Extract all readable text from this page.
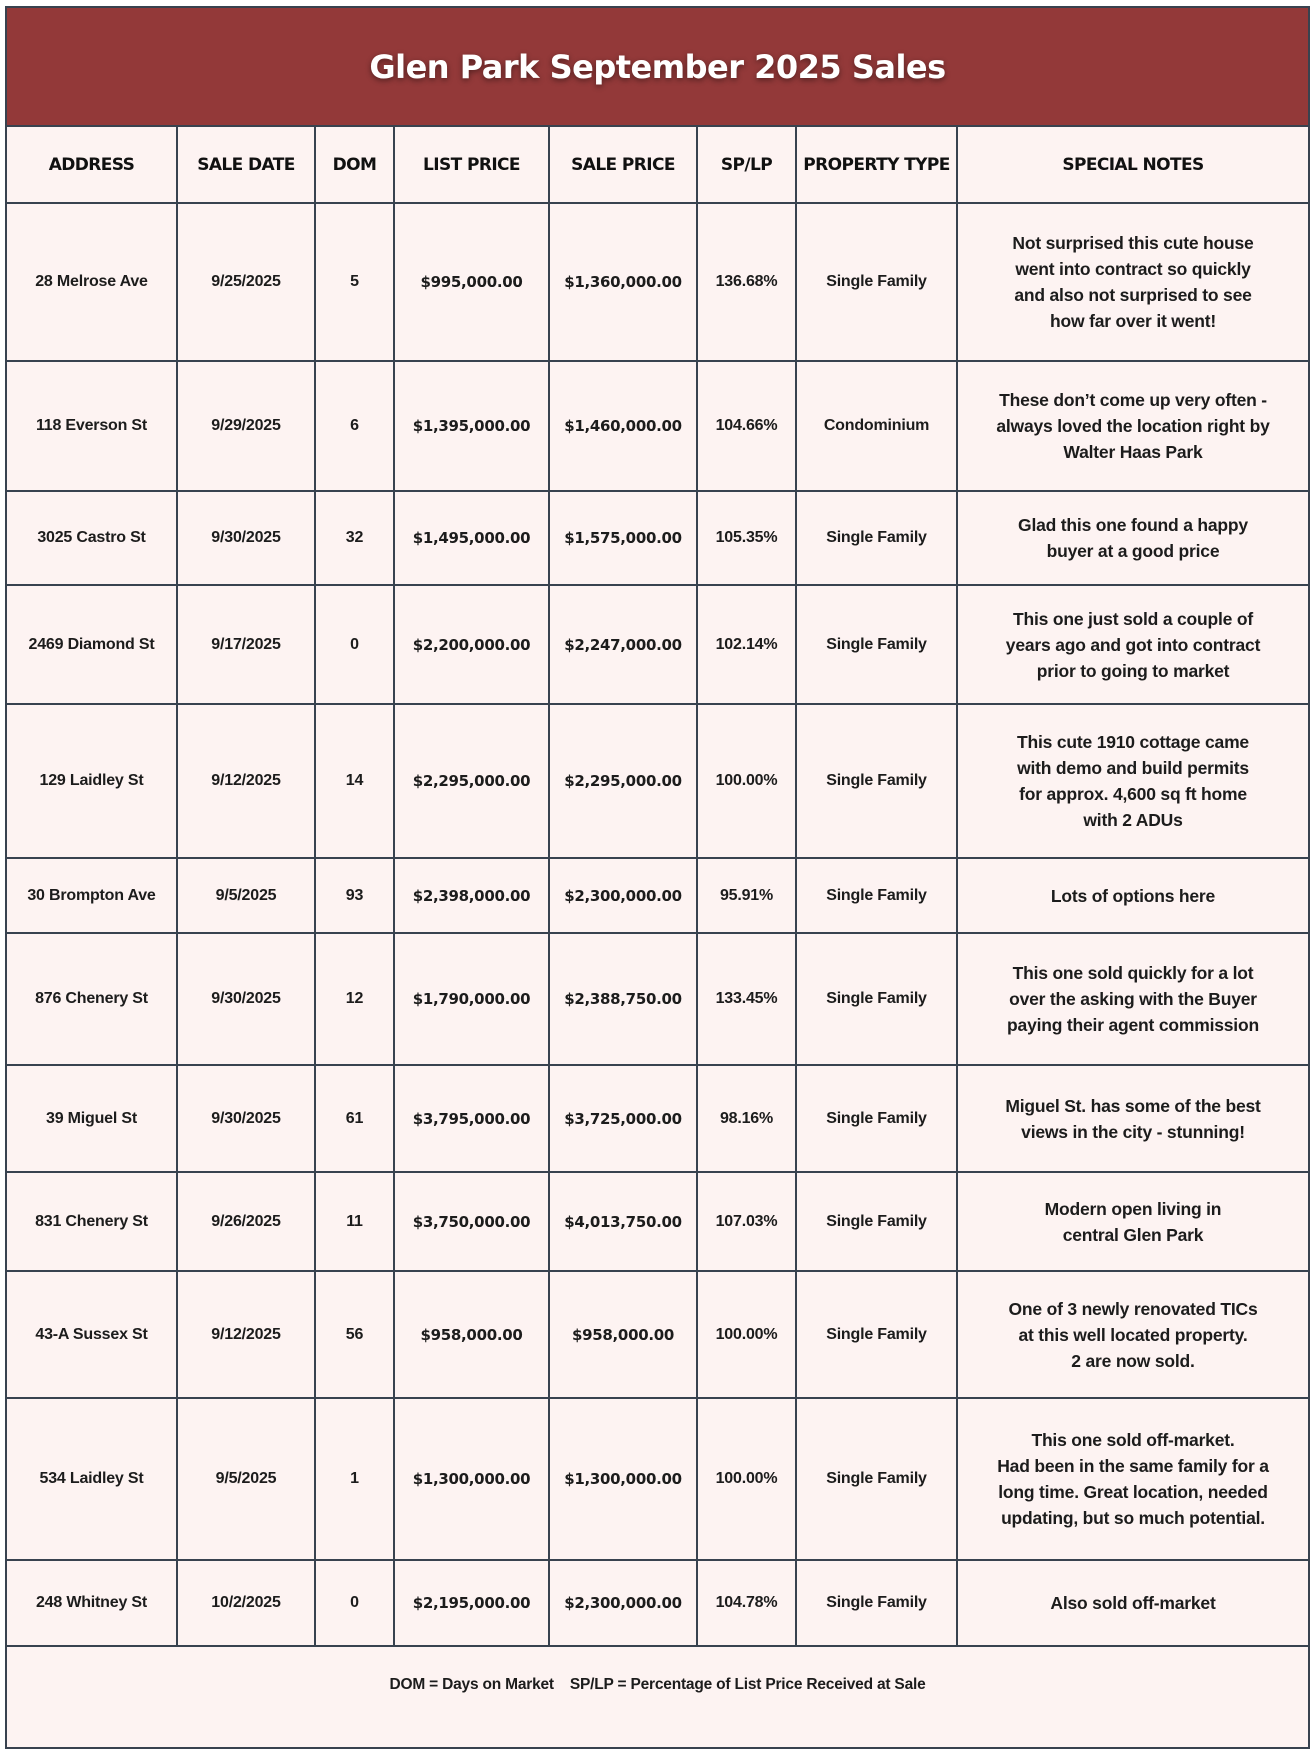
Glen Park September 2025 Sales
ADDRESS	SALE DATE	DOM	LIST PRICE	SALE PRICE	SP/LP	PROPERTY TYPE	SPECIAL NOTES
28 Melrose Ave	9/25/2025	5	$995,000.00	$1,360,000.00	136.68%	Single Family	Not surprised this cute house
went into contract so quickly
and also not surprised to see
how far over it went!

118 Everson St	9/29/2025	6	$1,395,000.00	$1,460,000.00	104.66%	Condominium	These don’t come up very often -
always loved the location right by
Walter Haas Park

3025 Castro St	9/30/2025	32	$1,495,000.00	$1,575,000.00	105.35%	Single Family	Glad this one found a happy
buyer at a good price

2469 Diamond St	9/17/2025	0	$2,200,000.00	$2,247,000.00	102.14%	Single Family	This one just sold a couple of
years ago and got into contract
prior to going to market

129 Laidley St	9/12/2025	14	$2,295,000.00	$2,295,000.00	100.00%	Single Family	This cute 1910 cottage came
with demo and build permits
for approx. 4,600 sq ft home
with 2 ADUs

30 Brompton Ave	9/5/2025	93	$2,398,000.00	$2,300,000.00	95.91%	Single Family	Lots of options here

876 Chenery St	9/30/2025	12	$1,790,000.00	$2,388,750.00	133.45%	Single Family	This one sold quickly for a lot
over the asking with the Buyer
paying their agent commission

39 Miguel St	9/30/2025	61	$3,795,000.00	$3,725,000.00	98.16%	Single Family	Miguel St. has some of the best
views in the city - stunning!

831 Chenery St	9/26/2025	11	$3,750,000.00	$4,013,750.00	107.03%	Single Family	Modern open living in
central Glen Park

43-A Sussex St	9/12/2025	56	$958,000.00	$958,000.00	100.00%	Single Family	One of 3 newly renovated TICs
at this well located property.
2 are now sold.

534 Laidley St	9/5/2025	1	$1,300,000.00	$1,300,000.00	100.00%	Single Family	This one sold off-market.
Had been in the same family for a
long time. Great location, needed
updating, but so much potential.

248 Whitney St	10/2/2025	0	$2,195,000.00	$2,300,000.00	104.78%	Single Family	Also sold off-market
DOM = Days on Market SP/LP = Percentage of List Price Received at Sale
